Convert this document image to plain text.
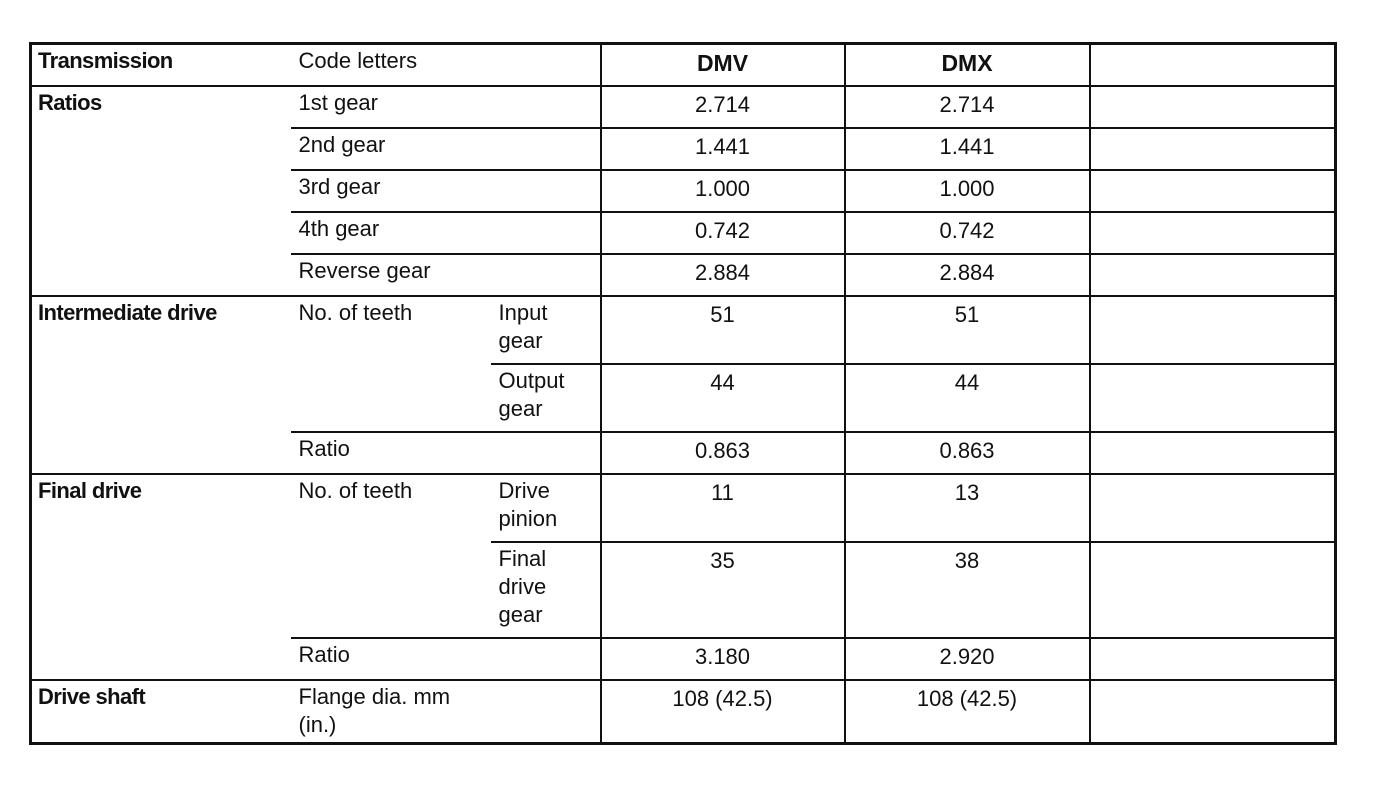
Transmission	Code letters		DMV	DMX	
Ratios	1st gear		2.714	2.714	
	2nd gear		1.441	1.441	
	3rd gear		1.000	1.000	
	4th gear		0.742	0.742	
	Reverse gear		2.884	2.884	
Intermediate drive	No. of teeth	Input gear	51	51	
		Output gear	44	44	
	Ratio		0.863	0.863	
Final drive	No. of teeth	Drive pinion	11	13	
		Final drive gear	35	38	
	Ratio		3.180	2.920	
Drive shaft	Flange dia. mm (in.)		108 (42.5)	108 (42.5)	
